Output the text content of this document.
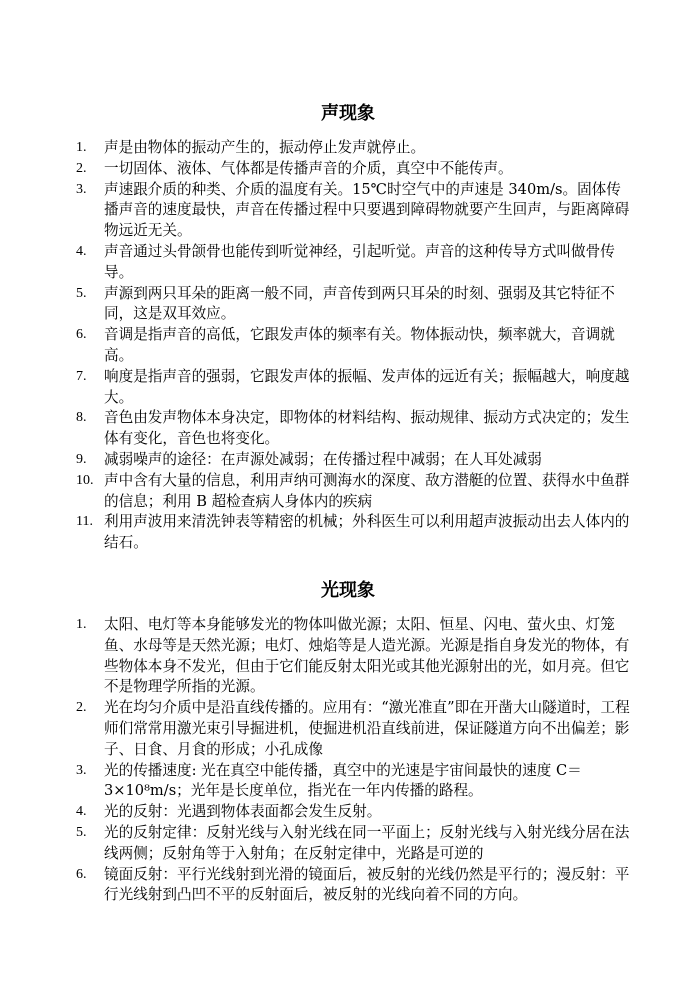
声现象
1.	声是由物体的振动产生的，振动停止发声就停止。
2.	一切固体、液体、气体都是传播声音的介质，真空中不能传声。
3.	声速跟介质的种类、介质的温度有关。15℃时空气中的声速是 340m/s。固体传播声音的速度最快，声音在传播过程中只要遇到障碍物就要产生回声，与距离障碍物远近无关。
4.	声音通过头骨颌骨也能传到听觉神经，引起听觉。声音的这种传导方式叫做骨传导。
5.	声源到两只耳朵的距离一般不同，声音传到两只耳朵的时刻、强弱及其它特征不同，这是双耳效应。
6.	音调是指声音的高低，它跟发声体的频率有关。物体振动快，频率就大，音调就高。
7.	响度是指声音的强弱，它跟发声体的振幅、发声体的远近有关；振幅越大，响度越大。
8.	音色由发声物体本身决定，即物体的材料结构、振动规律、振动方式决定的；发生体有变化，音色也将变化。
9.	减弱噪声的途径：在声源处减弱；在传播过程中减弱；在人耳处减弱
10. 声中含有大量的信息，利用声纳可测海水的深度、敌方潜艇的位置、获得水中鱼群的信息；利用 B 超检查病人身体内的疾病
11. 利用声波用来清洗钟表等精密的机械；外科医生可以利用超声波振动出去人体内的结石。
光现象
1.	太阳、电灯等本身能够发光的物体叫做光源；太阳、恒星、闪电、萤火虫、灯笼鱼、水母等是天然光源；电灯、烛焰等是人造光源。光源是指自身发光的物体，有些物体本身不发光，但由于它们能反射太阳光或其他光源射出的光，如月亮。但它不是物理学所指的光源。
2.	光在均匀介质中是沿直线传播的。应用有：“激光准直”即在开凿大山隧道时，工程师们常常用激光束引导掘进机，使掘进机沿直线前进，保证隧道方向不出偏差；影子、日食、月食的形成；小孔成像
3.	光的传播速度: 光在真空中能传播，真空中的光速是宇宙间最快的速度 C＝3×10⁸m/s；光年是长度单位，指光在一年内传播的路程。
4.	光的反射：光遇到物体表面都会发生反射。
5.	光的反射定律：反射光线与入射光线在同一平面上；反射光线与入射光线分居在法线两侧；反射角等于入射角；在反射定律中，光路是可逆的
6.	镜面反射：平行光线射到光滑的镜面后，被反射的光线仍然是平行的；漫反射：平行光线射到凸凹不平的反射面后，被反射的光线向着不同的方向。
